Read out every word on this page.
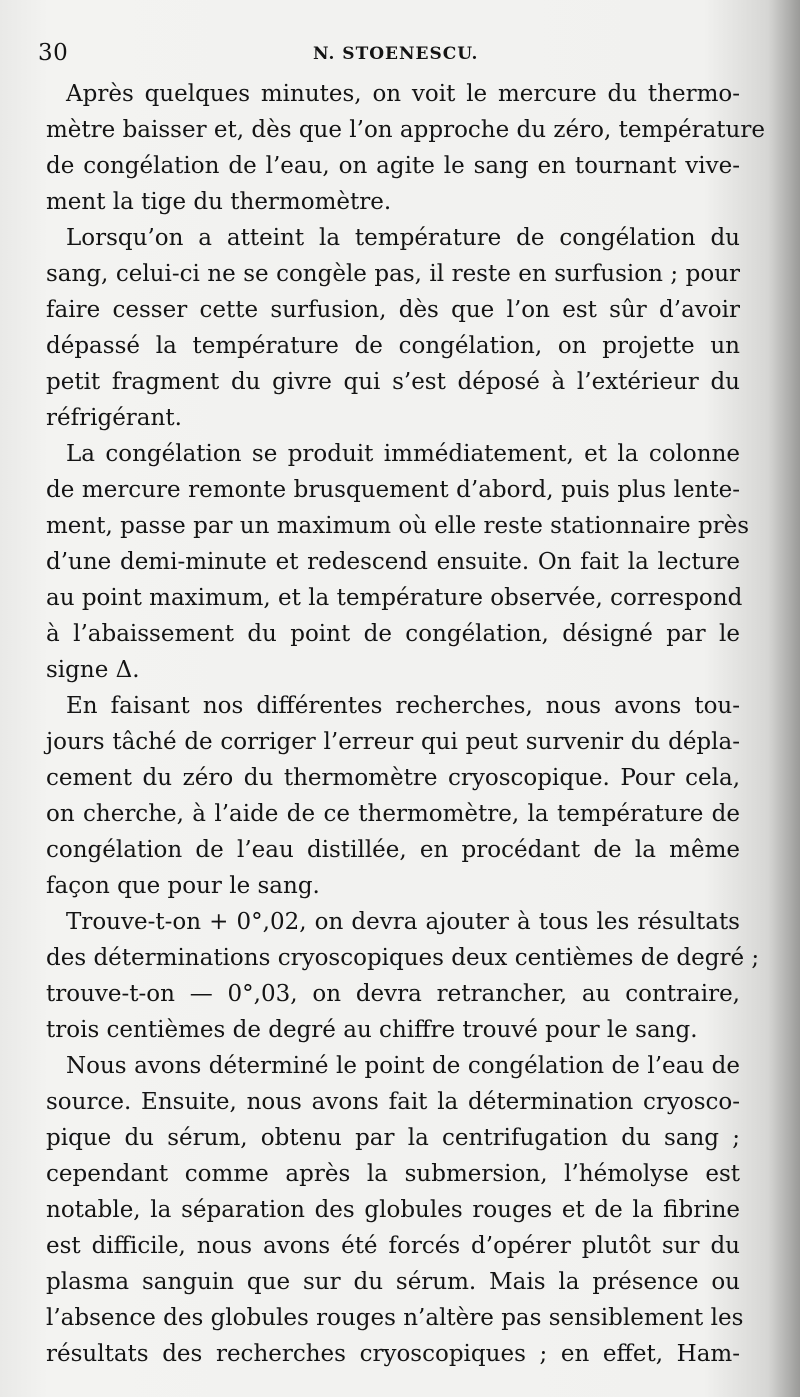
30	N. STOENESCU.
Après quelques minutes, on voit le mercure du thermo-
mètre baisser et, dès que l’on approche du zéro, température
de congélation de l’eau, on agite le sang en tournant vive-
ment la tige du thermomètre.
Lorsqu’on a atteint la température de congélation du
sang, celui-ci ne se congèle pas, il reste en surfusion ; pour
faire cesser cette surfusion, dès que l’on est sûr d’avoir
dépassé la température de congélation, on projette un
petit fragment du givre qui s’est déposé à l’extérieur du
réfrigérant.
La congélation se produit immédiatement, et la colonne
de mercure remonte brusquement d’abord, puis plus lente-
ment, passe par un maximum où elle reste stationnaire près
d’une demi-minute et redescend ensuite. On fait la lecture
au point maximum, et la température observée, correspond
à l’abaissement du point de congélation, désigné par le
signe Δ.
En faisant nos différentes recherches, nous avons tou-
jours tâché de corriger l’erreur qui peut survenir du dépla-
cement du zéro du thermomètre cryoscopique. Pour cela,
on cherche, à l’aide de ce thermomètre, la température de
congélation de l’eau distillée, en procédant de la même
façon que pour le sang.
Trouve-t-on + 0°,02, on devra ajouter à tous les résultats
des déterminations cryoscopiques deux centièmes de degré ;
trouve-t-on — 0°,03, on devra retrancher, au contraire,
trois centièmes de degré au chiffre trouvé pour le sang.
Nous avons déterminé le point de congélation de l’eau de
source. Ensuite, nous avons fait la détermination cryosco-
pique du sérum, obtenu par la centrifugation du sang ;
cependant comme après la submersion, l’hémolyse est
notable, la séparation des globules rouges et de la fibrine
est difficile, nous avons été forcés d’opérer plutôt sur du
plasma sanguin que sur du sérum. Mais la présence ou
l’absence des globules rouges n’altère pas sensiblement les
résultats des recherches cryoscopiques ; en effet, Ham-
